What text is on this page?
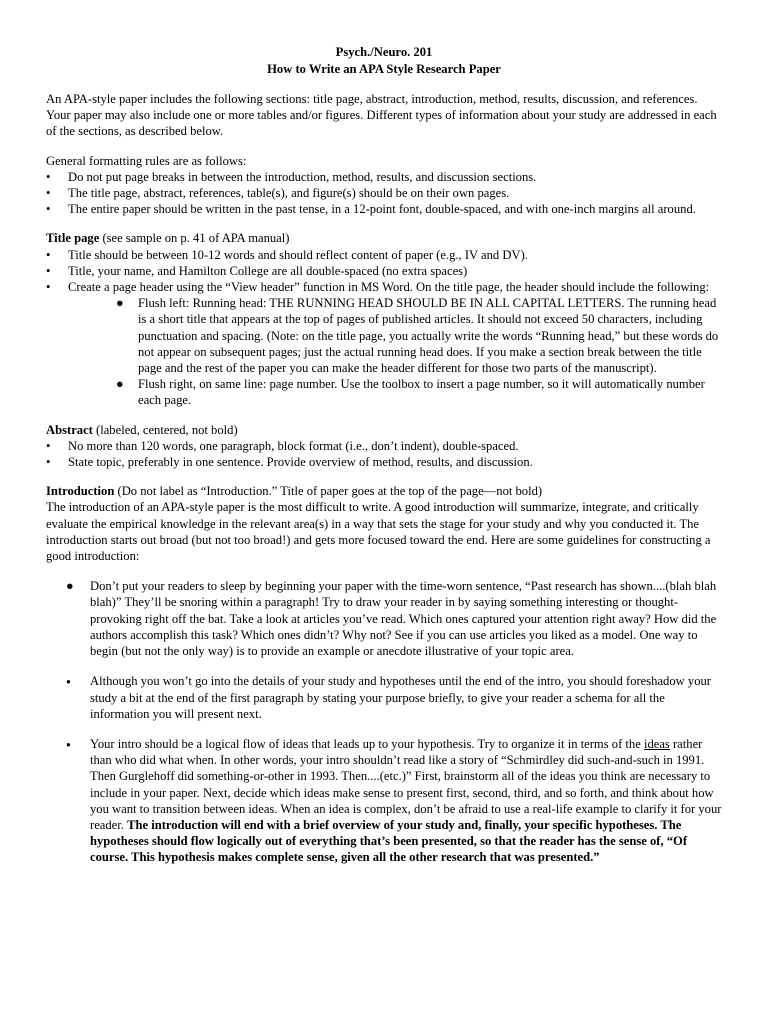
Psych./Neuro. 201
How to Write an APA Style Research Paper

An APA-style paper includes the following sections: title page, abstract, introduction, method, results, discussion, and references. Your paper may also include one or more tables and/or figures. Different types of information about your study are addressed in each of the sections, as described below.

General formatting rules are as follows:

• Do not put page breaks in between the introduction, method, results, and discussion sections.
• The title page, abstract, references, table(s), and figure(s) should be on their own pages.
• The entire paper should be written in the past tense, in a 12-point font, double-spaced, and with one-inch margins all around.

Title page (see sample on p. 41 of APA manual)

• Title should be between 10-12 words and should reflect content of paper (e.g., IV and DV).
• Title, your name, and Hamilton College are all double-spaced (no extra spaces)
• Create a page header using the “View header” function in MS Word. On the title page, the header should include the following:
● Flush left: Running head: THE RUNNING HEAD SHOULD BE IN ALL CAPITAL LETTERS. The running head is a short title that appears at the top of pages of published articles. It should not exceed 50 characters, including punctuation and spacing. (Note: on the title page, you actually write the words “Running head,” but these words do not appear on subsequent pages; just the actual running head does. If you make a section break between the title page and the rest of the paper you can make the header different for those two parts of the manuscript).
● Flush right, on same line: page number. Use the toolbox to insert a page number, so it will automatically number each page.

Abstract (labeled, centered, not bold)

• No more than 120 words, one paragraph, block format (i.e., don’t indent), double-spaced.
• State topic, preferably in one sentence. Provide overview of method, results, and discussion.

Introduction (Do not label as “Introduction.” Title of paper goes at the top of the page—not bold)

The introduction of an APA-style paper is the most difficult to write. A good introduction will summarize, integrate, and critically evaluate the empirical knowledge in the relevant area(s) in a way that sets the stage for your study and why you conducted it. The introduction starts out broad (but not too broad!) and gets more focused toward the end. Here are some guidelines for constructing a good introduction:

● Don’t put your readers to sleep by beginning your paper with the time-worn sentence, “Past research has shown....(blah blah blah)” They’ll be snoring within a paragraph! Try to draw your reader in by saying something interesting or thought-provoking right off the bat. Take a look at articles you’ve read. Which ones captured your attention right away? How did the authors accomplish this task? Which ones didn’t? Why not? See if you can use articles you liked as a model. One way to begin (but not the only way) is to provide an example or anecdote illustrative of your topic area.
● Although you won’t go into the details of your study and hypotheses until the end of the intro, you should foreshadow your study a bit at the end of the first paragraph by stating your purpose briefly, to give your reader a schema for all the information you will present next.
● Your intro should be a logical flow of ideas that leads up to your hypothesis. Try to organize it in terms of the ideas rather than who did what when. In other words, your intro shouldn’t read like a story of “Schmirdley did such-and-such in 1991. Then Gurglehoff did something-or-other in 1993. Then....(etc.)” First, brainstorm all of the ideas you think are necessary to include in your paper. Next, decide which ideas make sense to present first, second, third, and so forth, and think about how you want to transition between ideas. When an idea is complex, don’t be afraid to use a real-life example to clarify it for your reader. The introduction will end with a brief overview of your study and, finally, your specific hypotheses. The hypotheses should flow logically out of everything that’s been presented, so that the reader has the sense of, “Of course. This hypothesis makes complete sense, given all the other research that was presented.”
